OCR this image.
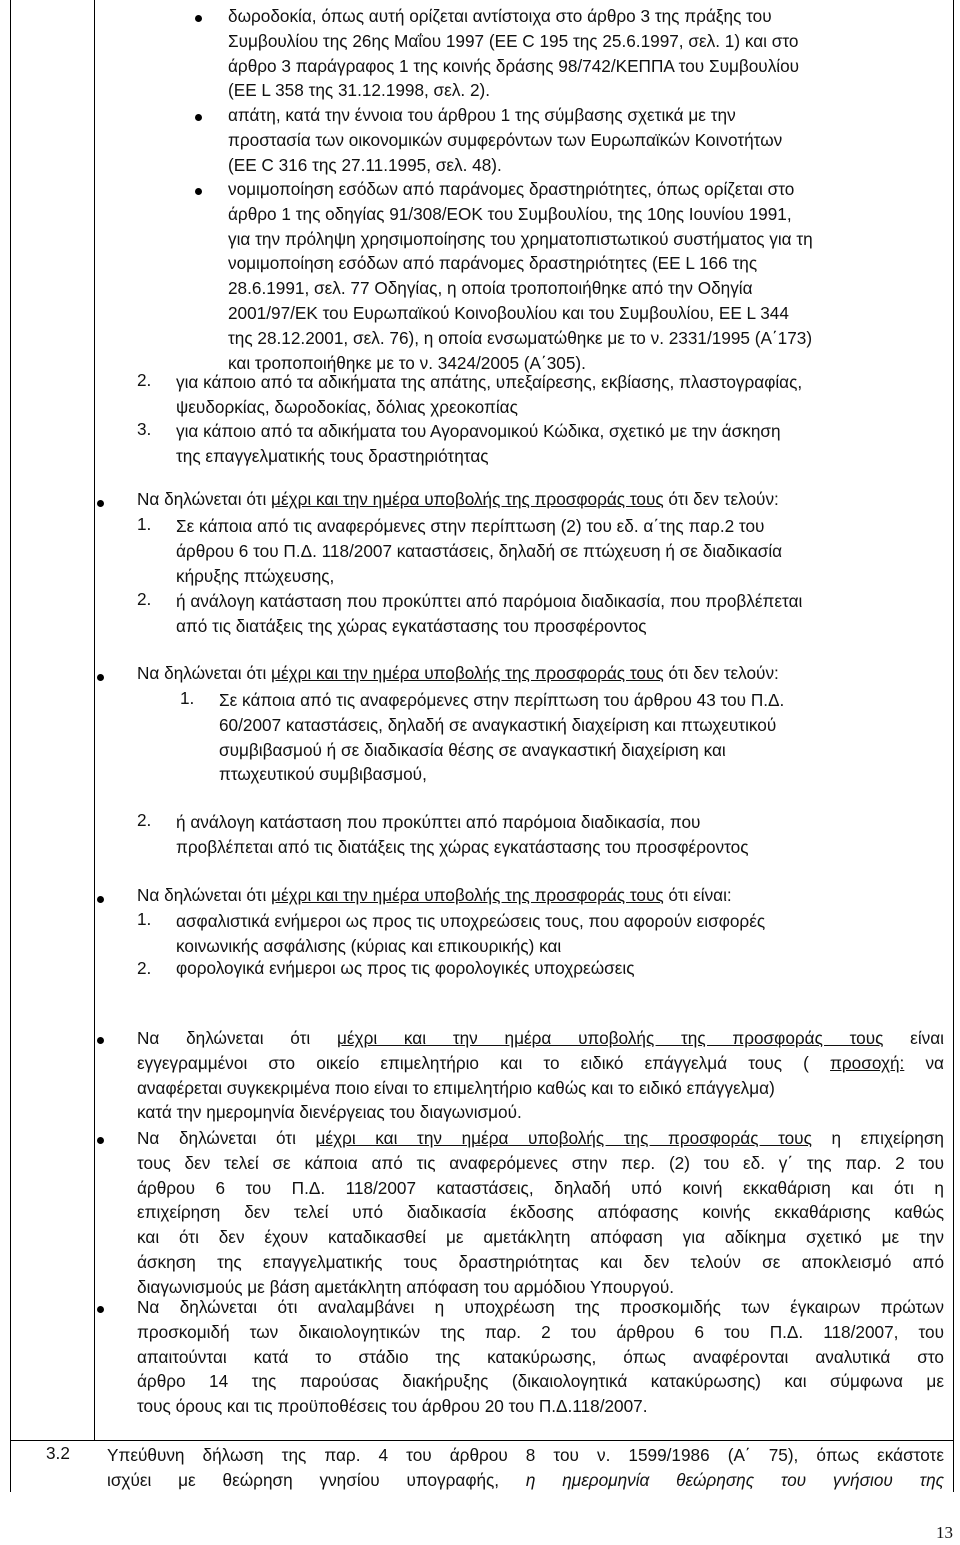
δωροδοκία, όπως αυτή ορίζεται αντίστοιχα στο άρθρο 3 της πράξης του
Συμβουλίου της 26ης Μαΐου 1997 (ΕΕ C 195 της 25.6.1997, σελ. 1) και στο
άρθρο 3 παράγραφος 1 της κοινής δράσης 98/742/ΚΕΠΠΑ του Συμβουλίου
(ΕΕ L 358 της 31.12.1998, σελ. 2).
απάτη, κατά την έννοια του άρθρου 1 της σύμβασης σχετικά με την
προστασία των οικονομικών συμφερόντων των Ευρωπαϊκών Κοινοτήτων
(ΕΕ C 316 της 27.11.1995, σελ. 48).
νομιμοποίηση εσόδων από παράνομες δραστηριότητες, όπως ορίζεται στο
άρθρο 1 της οδηγίας 91/308/ΕΟΚ του Συμβουλίου, της 10ης Ιουνίου 1991,
για την πρόληψη χρησιμοποίησης του χρηματοπιστωτικού συστήματος για τη
νομιμοποίηση εσόδων από παράνομες δραστηριότητες (ΕΕ L 166 της
28.6.1991, σελ. 77 Οδηγίας, η οποία τροποποιήθηκε από την Οδηγία
2001/97/ΕΚ του Ευρωπαϊκού Κοινοβουλίου και του Συμβουλίου, ΕΕ L 344
της 28.12.2001, σελ. 76), η οποία ενσωματώθηκε με το ν. 2331/1995 (Α΄173)
και τροποποιήθηκε με το ν. 3424/2005 (Α΄305).
2. για κάποιο από τα αδικήματα της απάτης, υπεξαίρεσης, εκβίασης, πλαστογραφίας,
ψευδορκίας, δωροδοκίας, δόλιας χρεοκοπίας
3. για κάποιο από τα αδικήματα του Αγορανομικού Κώδικα, σχετικό με την άσκηση
της επαγγελματικής τους δραστηριότητας
Να δηλώνεται ότι μέχρι και την ημέρα υποβολής της προσφοράς τους ότι δεν τελούν:
1. Σε κάποια από τις αναφερόμενες στην περίπτωση (2) του εδ. α΄της παρ.2 του
άρθρου 6 του Π.Δ. 118/2007 καταστάσεις, δηλαδή σε πτώχευση ή σε διαδικασία
κήρυξης πτώχευσης,
2. ή ανάλογη κατάσταση που προκύπτει από παρόμοια διαδικασία, που προβλέπεται
από τις διατάξεις της χώρας εγκατάστασης του προσφέροντος
Να δηλώνεται ότι μέχρι και την ημέρα υποβολής της προσφοράς τους ότι δεν τελούν:
1. Σε κάποια από τις αναφερόμενες στην περίπτωση του άρθρου 43 του Π.Δ.
60/2007 καταστάσεις, δηλαδή σε αναγκαστική διαχείριση και πτωχευτικού
συμβιβασμού ή σε διαδικασία θέσης σε αναγκαστική διαχείριση και
πτωχευτικού συμβιβασμού,
2. ή ανάλογη κατάσταση που προκύπτει από παρόμοια διαδικασία, που
προβλέπεται από τις διατάξεις της χώρας εγκατάστασης του προσφέροντος
Να δηλώνεται ότι μέχρι και την ημέρα υποβολής της προσφοράς τους ότι είναι:
1. ασφαλιστικά ενήμεροι ως προς τις υποχρεώσεις τους, που αφορούν εισφορές
κοινωνικής ασφάλισης (κύριας και επικουρικής) και
2. φορολογικά ενήμεροι ως προς τις φορολογικές υποχρεώσεις
Να δηλώνεται ότι μέχρι και την ημέρα υποβολής της προσφοράς τους είναι
εγγεγραμμένοι στο οικείο επιμελητήριο και το ειδικό επάγγελμά τους ( προσοχή: να
αναφέρεται συγκεκριμένα ποιο είναι το επιμελητήριο καθώς και το ειδικό επάγγελμα)
κατά την ημερομηνία διενέργειας του διαγωνισμού.
Να δηλώνεται ότι μέχρι και την ημέρα υποβολής της προσφοράς τους η επιχείρηση
τους δεν τελεί σε κάποια από τις αναφερόμενες στην περ. (2) του εδ. γ΄ της παρ. 2 του
άρθρου 6 του Π.Δ. 118/2007 καταστάσεις, δηλαδή υπό κοινή εκκαθάριση και ότι η
επιχείρηση δεν τελεί υπό διαδικασία έκδοσης απόφασης κοινής εκκαθάρισης καθώς
και ότι δεν έχουν καταδικασθεί με αμετάκλητη απόφαση για αδίκημα σχετικό με την
άσκηση της επαγγελματικής τους δραστηριότητας και δεν τελούν σε αποκλεισμό από
διαγωνισμούς με βάση αμετάκλητη απόφαση του αρμόδιου Υπουργού.
Να δηλώνεται ότι αναλαμβάνει η υποχρέωση της προσκομιδής των έγκαιρων πρώτων
προσκομιδή των δικαιολογητικών της παρ. 2 του άρθρου 6 του Π.Δ. 118/2007, του
απαιτούνται κατά το στάδιο της κατακύρωσης, όπως αναφέρονται αναλυτικά στο
άρθρο 14 της παρούσας διακήρυξης (δικαιολογητικά κατακύρωσης) και σύμφωνα με
τους όρους και τις προϋποθέσεις του άρθρου 20 του Π.Δ.118/2007.
3.2 Υπεύθυνη δήλωση της παρ. 4 του άρθρου 8 του ν. 1599/1986 (Α΄ 75), όπως εκάστοτε
ισχύει με θεώρηση γνησίου υπογραφής, η ημερομηνία θεώρησης του γνήσιου της
13
